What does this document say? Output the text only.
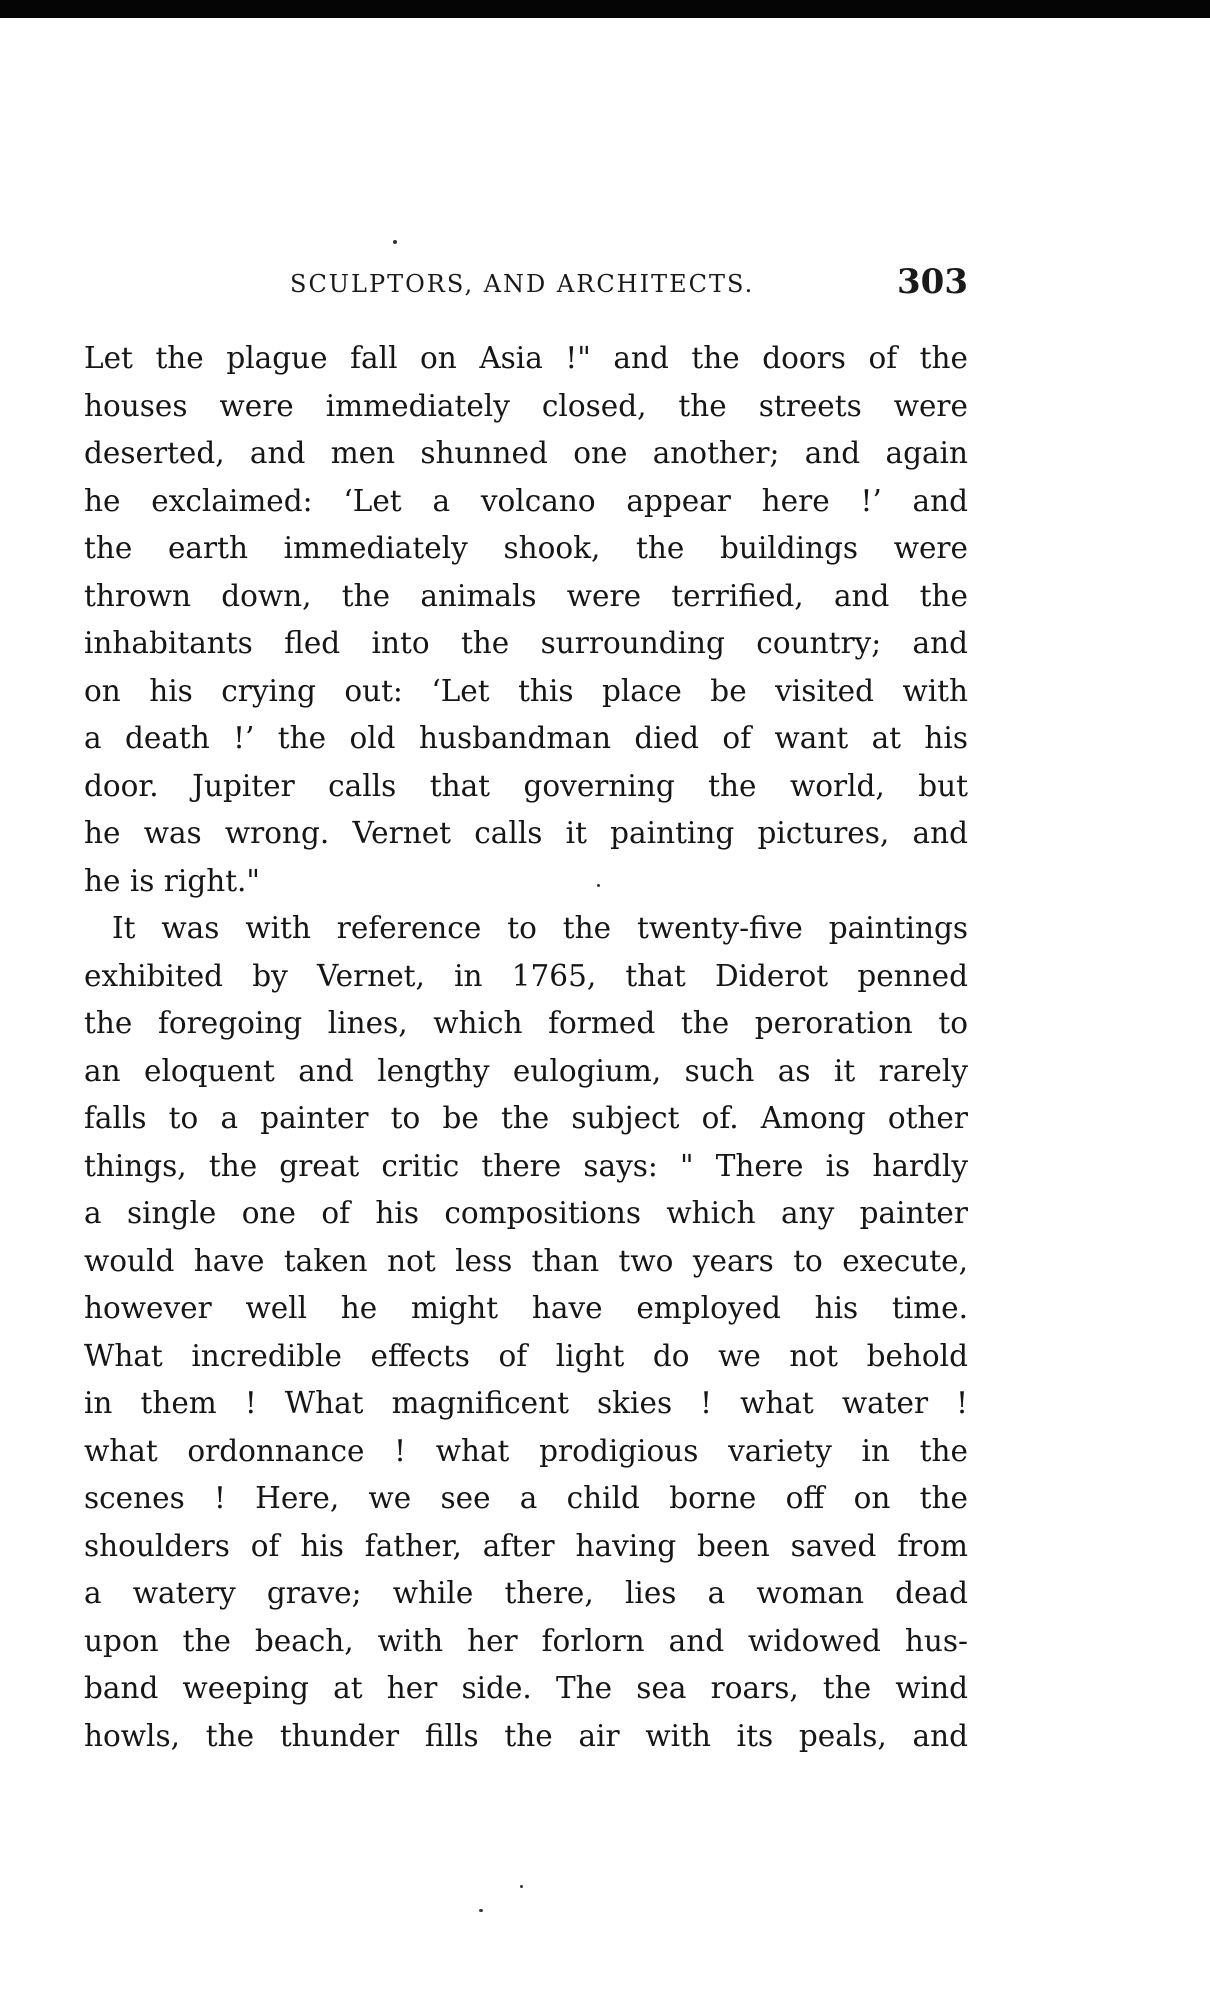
SCULPTORS, AND ARCHITECTS.	303
Let the plague fall on Asia !" and the doors of the
houses were immediately closed, the streets were
deserted, and men shunned one another; and again
he exclaimed: ‘Let a volcano appear here !’ and
the earth immediately shook, the buildings were
thrown down, the animals were terrified, and the
inhabitants fled into the surrounding country; and
on his crying out: ‘Let this place be visited with
a death !’ the old husbandman died of want at his
door. Jupiter calls that governing the world, but
he was wrong. Vernet calls it painting pictures, and
he is right."
It was with reference to the twenty-five paintings
exhibited by Vernet, in 1765, that Diderot penned
the foregoing lines, which formed the peroration to
an eloquent and lengthy eulogium, such as it rarely
falls to a painter to be the subject of. Among other
things, the great critic there says: " There is hardly
a single one of his compositions which any painter
would have taken not less than two years to execute,
however well he might have employed his time.
What incredible effects of light do we not behold
in them ! What magnificent skies ! what water !
what ordonnance ! what prodigious variety in the
scenes ! Here, we see a child borne off on the
shoulders of his father, after having been saved from
a watery grave; while there, lies a woman dead
upon the beach, with her forlorn and widowed hus-
band weeping at her side. The sea roars, the wind
howls, the thunder fills the air with its peals, and
